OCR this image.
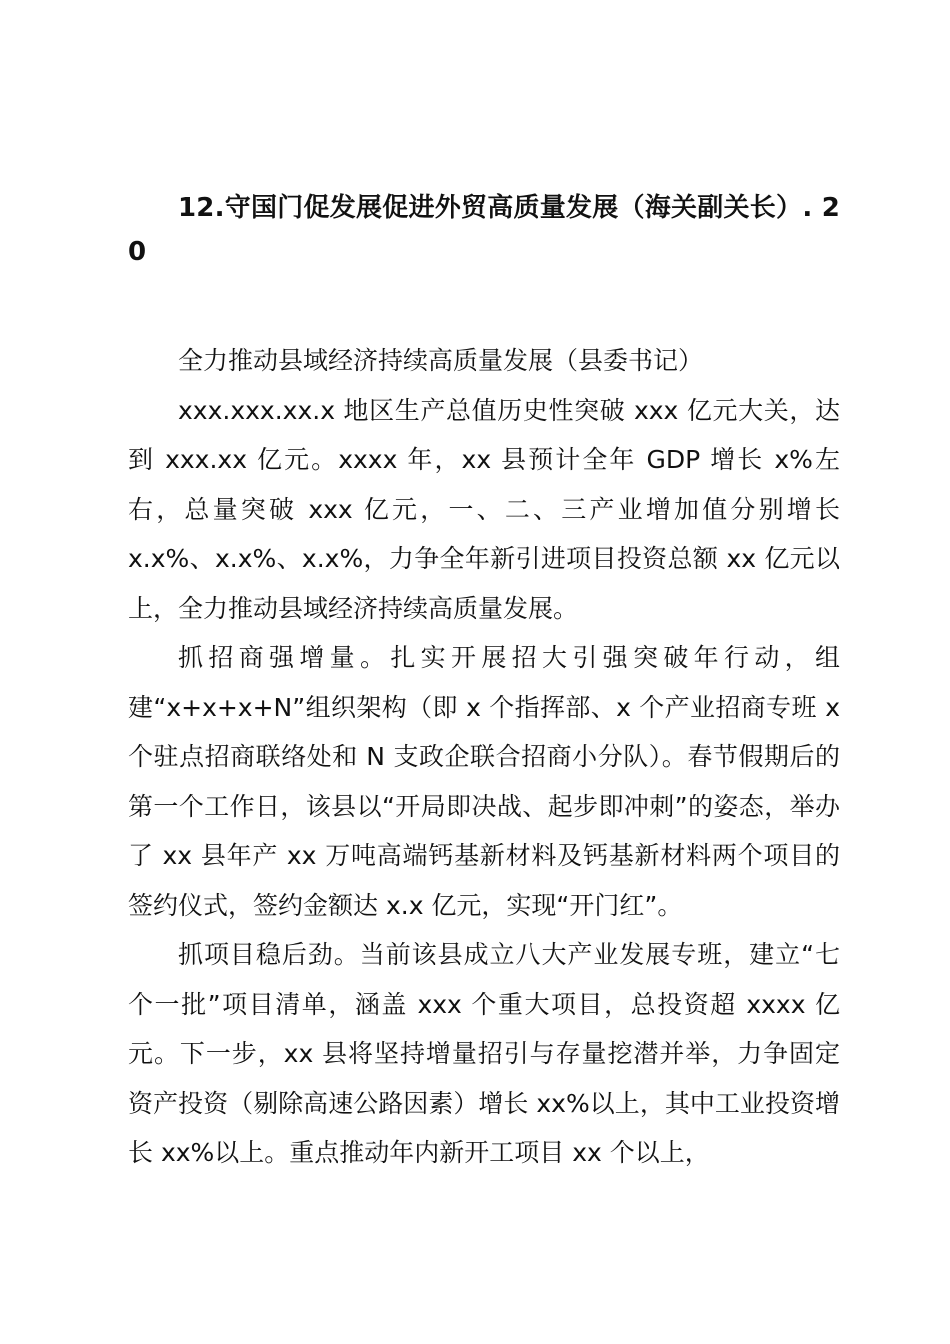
12.守国门促发展促进外贸高质量发展（海关副关长）. 2 0

全力推动县域经济持续高质量发展（县委书记）

xxx.xxx.xx.x 地区生产总值历史性突破 xxx 亿元大关，达到 xxx.xx 亿元。xxxx 年，xx 县预计全年 GDP 增长 x%左右，总量突破 xxx 亿元，一、二、三产业增加值分别增长 x.x%、x.x%、x.x%，力争全年新引进项目投资总额 xx 亿元以上，全力推动县域经济持续高质量发展。

抓招商强增量。扎实开展招大引强突破年行动，组建“x+x+x+N”组织架构（即 x 个指挥部、x 个产业招商专班 x 个驻点招商联络处和 N 支政企联合招商小分队）。春节假期后的第一个工作日，该县以“开局即决战、起步即冲刺”的姿态，举办了 xx 县年产 xx 万吨高端钙基新材料及钙基新材料两个项目的签约仪式，签约金额达 x.x 亿元，实现“开门红”。

抓项目稳后劲。当前该县成立八大产业发展专班，建立“七个一批”项目清单，涵盖 xxx 个重大项目，总投资超 xxxx 亿元。下一步，xx 县将坚持增量招引与存量挖潜并举，力争固定资产投资（剔除高速公路因素）增长 xx%以上，其中工业投资增长 xx%以上。重点推动年内新开工项目 xx 个以上，
